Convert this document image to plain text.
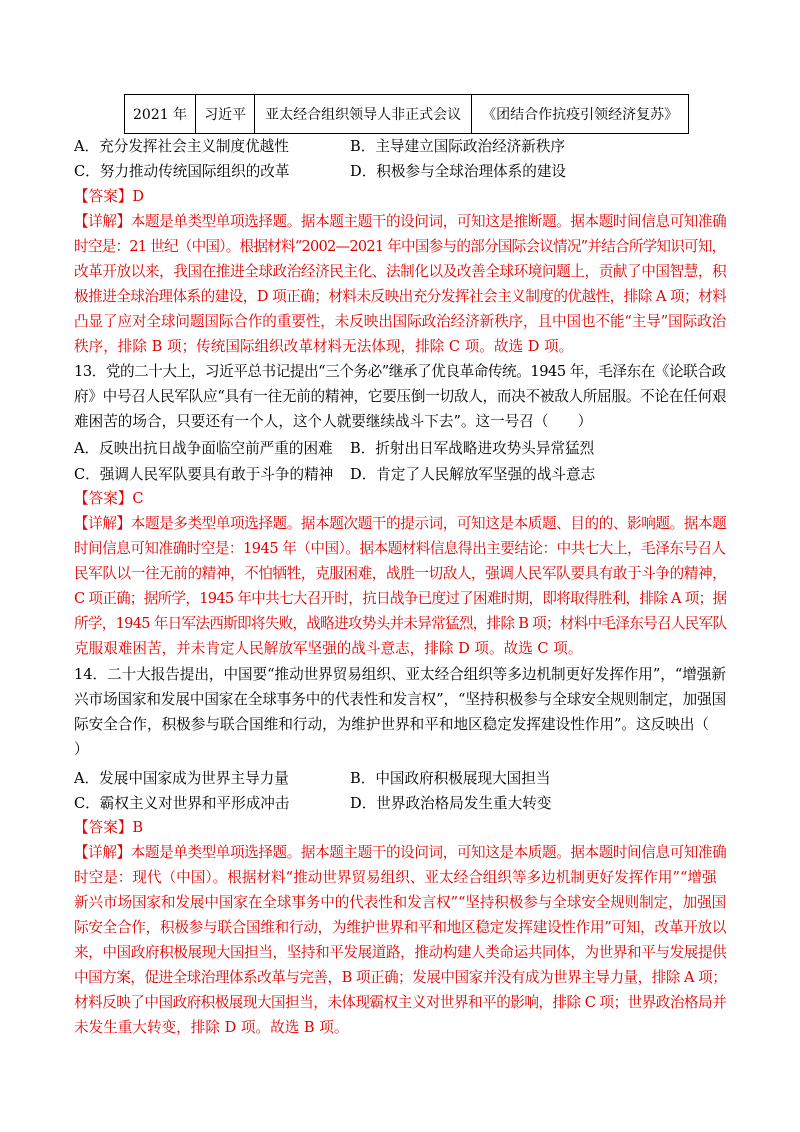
2021 年	习近平	亚太经合组织领导人非正式会议	《团结合作抗疫引领经济复苏》
A．充分发挥社会主义制度优越性	B．主导建立国际政治经济新秩序
C．努力推动传统国际组织的改革	D．积极参与全球治理体系的建设
【答案】D
【详解】本题是单类型单项选择题。据本题主题干的设问词，可知这是推断题。据本题时间信息可知准确
时空是：21 世纪（中国）。根据材料“2002—2021 年中国参与的部分国际会议情况”并结合所学知识可知，
改革开放以来，我国在推进全球政治经济民主化、法制化以及改善全球环境问题上，贡献了中国智慧，积
极推进全球治理体系的建设，D 项正确；材料未反映出充分发挥社会主义制度的优越性，排除 A 项；材料
凸显了应对全球问题国际合作的重要性，未反映出国际政治经济新秩序，且中国也不能“主导”国际政治
秩序，排除 B 项；传统国际组织改革材料无法体现，排除 C 项。故选 D 项。
13．党的二十大上，习近平总书记提出“三个务必”继承了优良革命传统。1945 年，毛泽东在《论联合政
府》中号召人民军队应“具有一往无前的精神，它要压倒一切敌人，而决不被敌人所屈服。不论在任何艰
难困苦的场合，只要还有一个人，这个人就要继续战斗下去”。这一号召（　　）
A．反映出抗日战争面临空前严重的困难 B．折射出日军战略进攻势头异常猛烈
C．强调人民军队要具有敢于斗争的精神 D．肯定了人民解放军坚强的战斗意志
【答案】C
【详解】本题是多类型单项选择题。据本题次题干的提示词，可知这是本质题、目的的、影响题。据本题
时间信息可知准确时空是：1945 年（中国）。据本题材料信息得出主要结论：中共七大上，毛泽东号召人
民军队以一往无前的精神，不怕牺牲，克服困难，战胜一切敌人，强调人民军队要具有敢于斗争的精神，
C 项正确；据所学，1945 年中共七大召开时，抗日战争已度过了困难时期，即将取得胜利，排除 A 项；据
所学，1945 年日军法西斯即将失败，战略进攻势头并未异常猛烈，排除 B 项；材料中毛泽东号召人民军队
克服艰难困苦，并未肯定人民解放军坚强的战斗意志，排除 D 项。故选 C 项。
14．二十大报告提出，中国要“推动世界贸易组织、亚太经合组织等多边机制更好发挥作用”，“增强新
兴市场国家和发展中国家在全球事务中的代表性和发言权”，“坚持积极参与全球安全规则制定，加强国
际安全合作，积极参与联合国维和行动，为维护世界和平和地区稳定发挥建设性作用”。这反映出（
）
A．发展中国家成为世界主导力量	B．中国政府积极展现大国担当
C．霸权主义对世界和平形成冲击	D．世界政治格局发生重大转变
【答案】B
【详解】本题是单类型单项选择题。据本题主题干的设问词，可知这是本质题。据本题时间信息可知准确
时空是：现代（中国）。根据材料“推动世界贸易组织、亚太经合组织等多边机制更好发挥作用”“增强
新兴市场国家和发展中国家在全球事务中的代表性和发言权”“坚持积极参与全球安全规则制定，加强国
际安全合作，积极参与联合国维和行动，为维护世界和平和地区稳定发挥建设性作用”可知，改革开放以
来，中国政府积极展现大国担当，坚持和平发展道路，推动构建人类命运共同体，为世界和平与发展提供
中国方案，促进全球治理体系改革与完善，B 项正确；发展中国家并没有成为世界主导力量，排除 A 项；
材料反映了中国政府积极展现大国担当，未体现霸权主义对世界和平的影响，排除 C 项；世界政治格局并
未发生重大转变，排除 D 项。故选 B 项。
